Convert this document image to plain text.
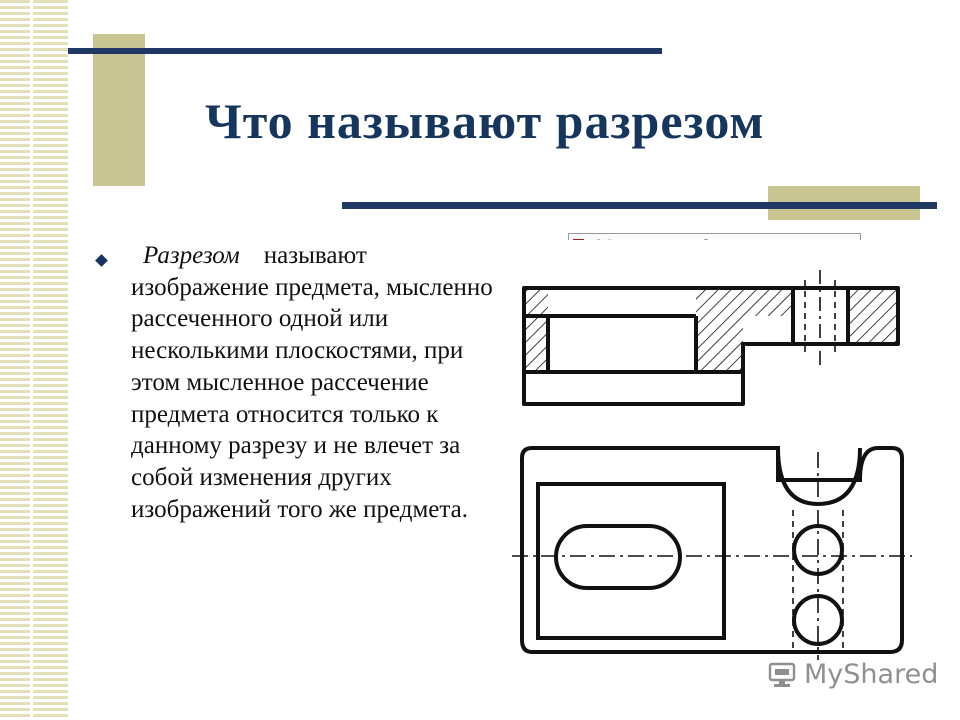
Что называют разрезом
Разрезом называют изображение предмета, мысленно рассеченного одной или несколькими плоскостями, при этом мысленное рассечение предмета относится только к данному разрезу и не влечет за собой изменения других изображений того же предмета.
MyShared
